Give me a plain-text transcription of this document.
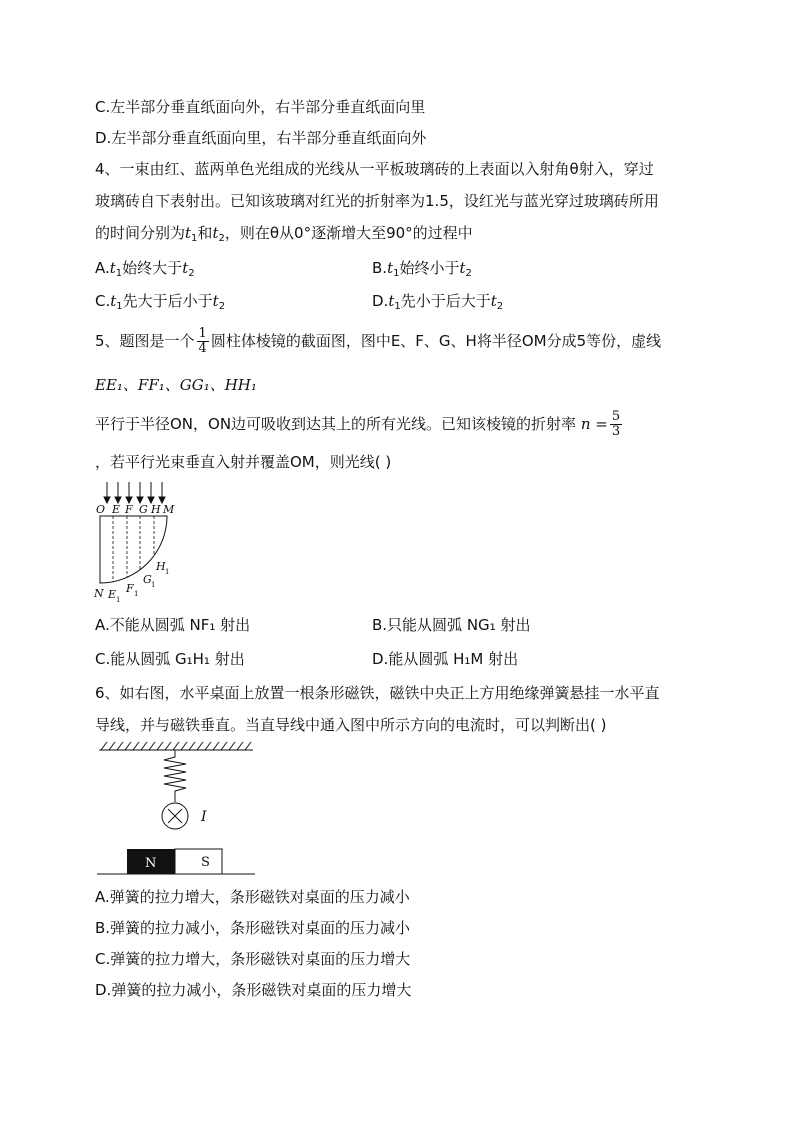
C.左半部分垂直纸面向外，右半部分垂直纸面向里
D.左半部分垂直纸面向里，右半部分垂直纸面向外
4、一束由红、蓝两单色光组成的光线从一平板玻璃砖的上表面以入射角θ射入，穿过
玻璃砖自下表射出。已知该玻璃对红光的折射率为1.5，设红光与蓝光穿过玻璃砖所用
的时间分别为$t_1$和$t_2$，则在θ从0°逐渐增大至90°的过程中
$A.t_1$始终大于$t_2$	$B.t_1$始终小于$t_2$
$C.t_1$先大于后小于$t_2$	$D.t_1$先小于后大于$t_2$
5、题图是一个 $\frac{1}{4}$ 圆柱体棱镜的截面图，图中E、F、G、H将半径OM分成5等份，虚线
EE₁、FF₁、GG₁、HH₁
平行于半径ON，ON边可吸收到达其上的所有光线。已知该棱镜的折射率 $n = \frac{5}{3}$
，若平行光束垂直入射并覆盖OM，则光线( )
O E F G H M
N E 1
F 1
G 1
H 1
A.不能从圆弧 NF₁ 射出	B.只能从圆弧 NG₁ 射出
C.能从圆弧 G₁H₁ 射出	D.能从圆弧 H₁M 射出
6、如右图，水平桌面上放置一根条形磁铁，磁铁中央正上方用绝缘弹簧悬挂一水平直
导线，并与磁铁垂直。当直导线中通入图中所示方向的电流时，可以判断出( )
I
N	S
A.弹簧的拉力增大，条形磁铁对桌面的压力减小
B.弹簧的拉力减小，条形磁铁对桌面的压力减小
C.弹簧的拉力增大，条形磁铁对桌面的压力增大
D.弹簧的拉力减小，条形磁铁对桌面的压力增大
